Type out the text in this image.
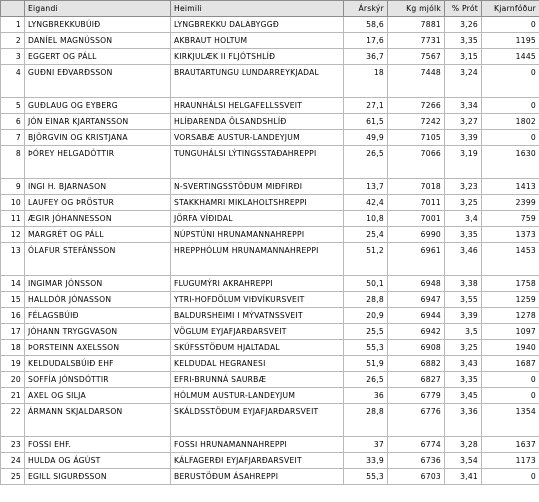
	Eigandi	Heimili	Árskýr	Kg mjólk	% Prót	Kjarnfóður
1	LYNGBREKKUBÚIÐ	LYNGBREKKU DALABYGGÐ	58,6	7881	3,26	0
2	DANÍEL MAGNÚSSON	AKBRAUT HOLTUM	17,6	7731	3,35	1195
3	EGGERT OG PÁLL	KIRKJULÆK II FLJÓTSHLÍÐ	36,7	7567	3,15	1445
4	GUÐNI EÐVARÐSSON	BRAUTARTUNGU LUNDARREYKJADAL	18	7448	3,24	0
5	GUÐLAUG OG EYBERG	HRAUNHÁLSI HELGAFELLSSVEIT	27,1	7266	3,34	0
6	JÓN EINAR KJARTANSSON	HLÍÐARENDA ÖLSANDSHLÍÐ	61,5	7242	3,27	1802
7	BJÖRGVIN OG KRISTJANA	VORSABÆ AUSTUR-LANDEYJUM	49,9	7105	3,39	0
8	ÞÓREY HELGADÓTTIR	TUNGUHÁLSI LÝTINGSSTAÐAHREPPI	26,5	7066	3,19	1630
9	INGI H. BJARNASON	N-SVERTINGSSTÖÐUM MIÐFIRÐI	13,7	7018	3,23	1413
10	LAUFEY OG ÞRÖSTUR	STAKKHAMRI MIKLAHOLTSHREPPI	42,4	7011	3,25	2399
11	ÆGIR JÓHANNESSON	JÖRFA VÍÐIDAL	10,8	7001	3,4	759
12	MARGRÉT OG PÁLL	NÚPSTÚNI HRUNAMANNAHREPPI	25,4	6990	3,35	1373
13	ÓLAFUR STEFÁNSSON	HREPPHÓLUM HRUNAMANNAHREPPI	51,2	6961	3,46	1453
14	INGIMAR JÓNSSON	FLUGUMÝRI AKRAHREPPI	50,1	6948	3,38	1758
15	HALLDÓR JÓNASSON	YTRI-HOFDÖLUM VIÐVÍKURSVEIT	28,8	6947	3,55	1259
16	FÉLAGSBÚIÐ	BALDURSHEIMI I MÝVATNSSVEIT	20,9	6944	3,39	1278
17	JÓHANN TRYGGVASON	VÖGLUM EYJAFJARÐARSVEIT	25,5	6942	3,5	1097
18	ÞORSTEINN AXELSSON	SKÚFSSTÖÐUM HJALTADAL	55,3	6908	3,25	1940
19	KELDUDALSBÚIÐ EHF	KELDUDAL HEGRANESI	51,9	6882	3,43	1687
20	SOFFÍA JÓNSDÓTTIR	EFRI-BRUNNÁ SAURBÆ	26,5	6827	3,35	0
21	AXEL OG SILJA	HÓLMUM AUSTUR-LANDEYJUM	36	6779	3,45	0
22	ÁRMANN SKJALDARSON	SKÁLDSSTÖÐUM EYJAFJARÐARSVEIT	28,8	6776	3,36	1354
23	FOSSI EHF.	FOSSI HRUNAMANNAHREPPI	37	6774	3,28	1637
24	HULDA OG ÁGÚST	KÁLFAGERÐI EYJAFJARÐARSVEIT	33,9	6736	3,54	1173
25	EGILL SIGURÐSSON	BERUSTÖÐUM ÁSAHREPPI	55,3	6703	3,41	0
